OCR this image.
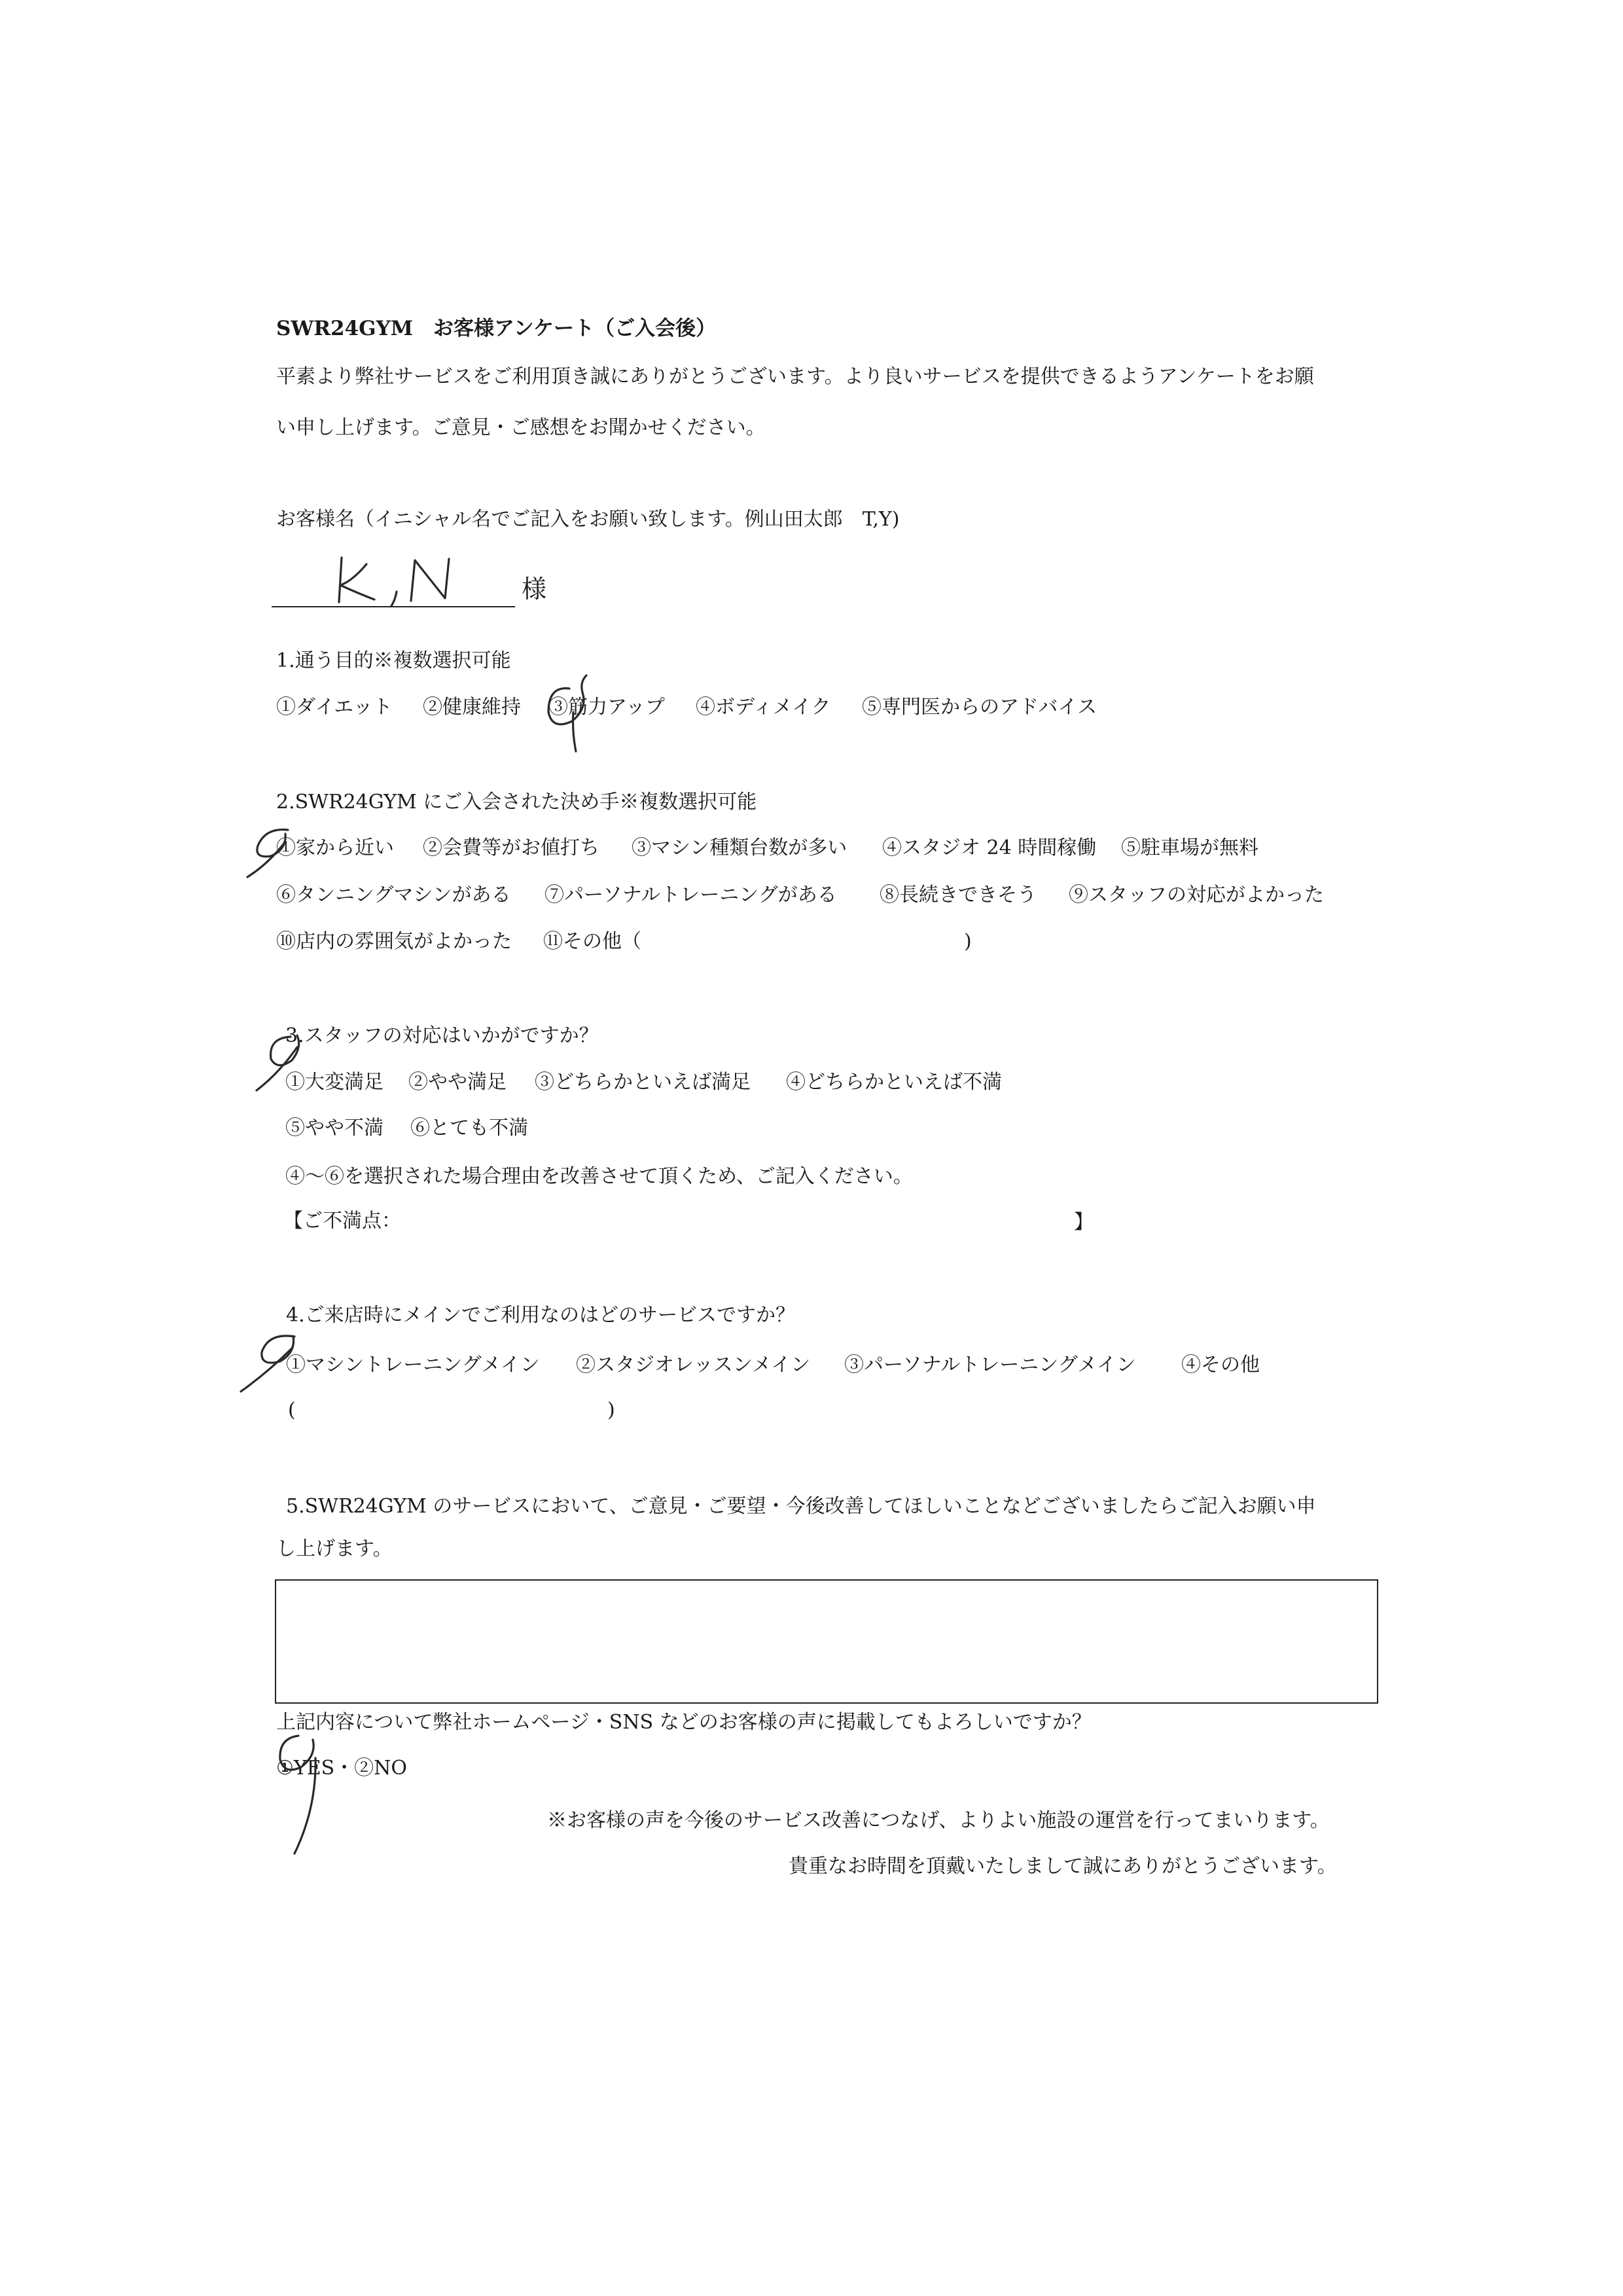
SWR24GYM　お客様アンケート（ご入会後）
平素より弊社サービスをご利用頂き誠にありがとうございます。より良いサービスを提供できるようアンケートをお願
い申し上げます。ご意見・ご感想をお聞かせください。
お客様名（イニシャル名でご記入をお願い致します。例山田太郎　T,Y)
様
1.通う目的※複数選択可能
①ダイエット ②健康維持 ③筋力アップ ④ボディメイク ⑤専門医からのアドバイス
2.SWR24GYM にご入会された決め手※複数選択可能
①家から近い ②会費等がお値打ち ③マシン種類台数が多い ④スタジオ 24 時間稼働 ⑤駐車場が無料
⑥タンニングマシンがある ⑦パーソナルトレーニングがある ⑧長続きできそう ⑨スタッフの対応がよかった
⑩店内の雰囲気がよかった ⑪その他（	)
3.スタッフの対応はいかがですか？
①大変満足 ②やや満足 ③どちらかといえば満足 ④どちらかといえば不満
⑤やや不満 ⑥とても不満
④～⑥を選択された場合理由を改善させて頂くため、ご記入ください。
【ご不満点：	】
4.ご来店時にメインでご利用なのはどのサービスですか？
①マシントレーニングメイン ②スタジオレッスンメイン ③パーソナルトレーニングメイン ④その他
(	)
5.SWR24GYM のサービスにおいて、ご意見・ご要望・今後改善してほしいことなどございましたらご記入お願い申
し上げます。
上記内容について弊社ホームページ・SNS などのお客様の声に掲載してもよろしいですか？
①YES・②NO
※お客様の声を今後のサービス改善につなげ、よりよい施設の運営を行ってまいります。
貴重なお時間を頂戴いたしまして誠にありがとうございます。
